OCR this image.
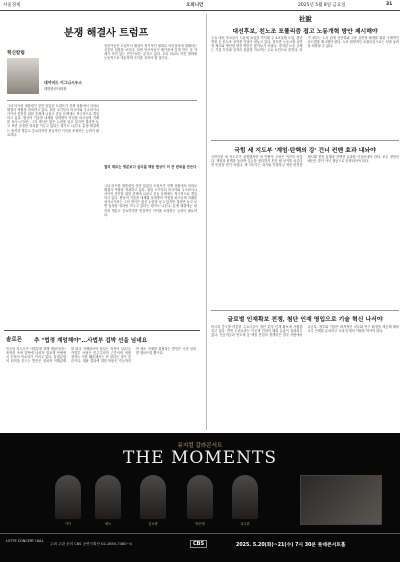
서울경제	오피니언	2025년 5월 8일 금요일	31
분쟁 해결사 트럼프
혁신칼럼
대어비드 이그나시우스
대한변리사회장
그냥 터프한 대통령인 것만 알았던 트럼프가 전쟁 상황에서 의외로 해결사 역할을 자처하고 있다. 취임 초기부터 러시아와 우크라이나 사이의 종전을 위한 중재에 나섰고 중동 문제에도 적극적으로 개입하고 있다. 협상의 기술을 내세워 상대방의 약점을 파고들며 거래를 성사시키려는 그의 방식은 많은 논란을 낳고 있지만 결과만 놓고 보면 일정한 성과를 거두고 있다는 평가도 나온다. 분쟁 해결에는 원칙과 명분도 중요하지만 현실적인 이익을 조정하는 능력이 필요하다.
전문가들은 트럼프식 협상이 장기적인 평화로 이어질지에 대해서는 신중한 입장을 보인다. 다만 당사자들이 테이블에 앉게 만든 것 자체가 의미 있는 진전이라는 분석도 있다. 우리 외교도 이런 변화에 능동적으로 대응하며 국익을 지켜야 할 것이다.
결과 때로는 명분보다 실리를 택한 협상이 더 큰 변화를 만든다
그냥 터프한 대통령인 것만 알았던 트럼프가 전쟁 상황에서 의외로 해결사 역할을 자처하고 있다. 취임 초기부터 러시아와 우크라이나 사이의 종전을 위한 중재에 나섰고 중동 문제에도 적극적으로 개입하고 있다. 협상의 기술을 내세워 상대방의 약점을 파고들며 거래를 성사시키려는 그의 방식은 많은 논란을 낳고 있지만 결과만 놓고 보면 일정한 성과를 거두고 있다는 평가도 나온다. 분쟁 해결에는 원칙과 명분도 중요하지만 현실적인 이익을 조정하는 능력이 필요하다.
솔로몬 추 "법정 계엄해야"…사법부 겁박 선을 넘네요
민주당 지도부가 사법부를 향해 계엄이라는 표현을 쓰며 압박에 나서자 법조계 안팎에서 우려의 목소리가 커지고 있다. 삼권분립의 원칙을 흔드는 발언은 정치적 이해관계를 떠나 자제되어야 한다는 지적이 나온다. 사법부 독립은 민주주의의 근간이며 어떤 정당도 이를 훼손해서는 안 된다는 것이 중론이다. 재판 결과에 대한 비판은 가능하지만 제도 자체를 위협하는 발언은 국민 신뢰를 떨어뜨릴 뿐이다.
社說
대선후보, 친노조 포퓰리즘 접고 노동개혁 방안 제시해야
주요 대선 후보들이 노동계 표심을 의식해 주 4.5일제 도입, 정년 연장 등 친노조 공약을 잇달아 내놓고 있다. 하지만 노동시장 유연성 제고와 생산성 향상 방안은 찾아보기 어렵다. 경직된 노동 규제는 기업 투자와 일자리 창출을 가로막는 주요 요인으로 꼽힌다. 차기 정부는 노사 관계 선진화와 고용 유연성 확대를 위한 구체적인 로드맵을 제시해야 한다. 노조 편향적인 포퓰리즘으로는 성장 동력을 회복할 수 없다.
국힘 세 지도부 '계엄·탄핵의 강' 건너 컨벤 효과 내놔야
국민의힘 새 지도부가 출범했지만 당 안팎의 시선은 여전히 차갑다. 계엄과 탄핵을 둘러싼 갈등을 정리하지 못한 채 선거를 치른다면 민심을 얻기 어렵다. 새 지도부는 과거와 단절하고 혁신 비전을 제시해 경선 흥행과 컨벤션 효과를 이끌어내야 한다. 보수 정당의 쇄신은 말이 아닌 행동으로 증명되어야 한다.
글로벌 인재확보 전쟁, 첨단 인재 영입으로 기술 혁신 나서야
미국과 중국을 비롯한 주요국들이 첨단 분야 인재 확보에 사활을 걸고 있다. 반면 우리나라는 이공계 인력의 해외 유출이 심화되고 있다. 인공지능과 반도체 등 핵심 산업의 경쟁력은 결국 사람에서 나온다. 정부와 기업은 파격적인 처우와 연구 환경을 제공해 해외 우수 인재를 유치하고 국내 인재의 이탈을 막아야 한다.
뮤지컬 갈라콘서트
THE MOMENTS
카이	에녹	김소향	박은태	옥주현
LOTTE CONCERT HALL
주최 주관 문의 CBS 공연기획단 02-2650-7480~4	CBS	2025. 5.20(화)~21(수) 7시 30분 롯데콘서트홀
